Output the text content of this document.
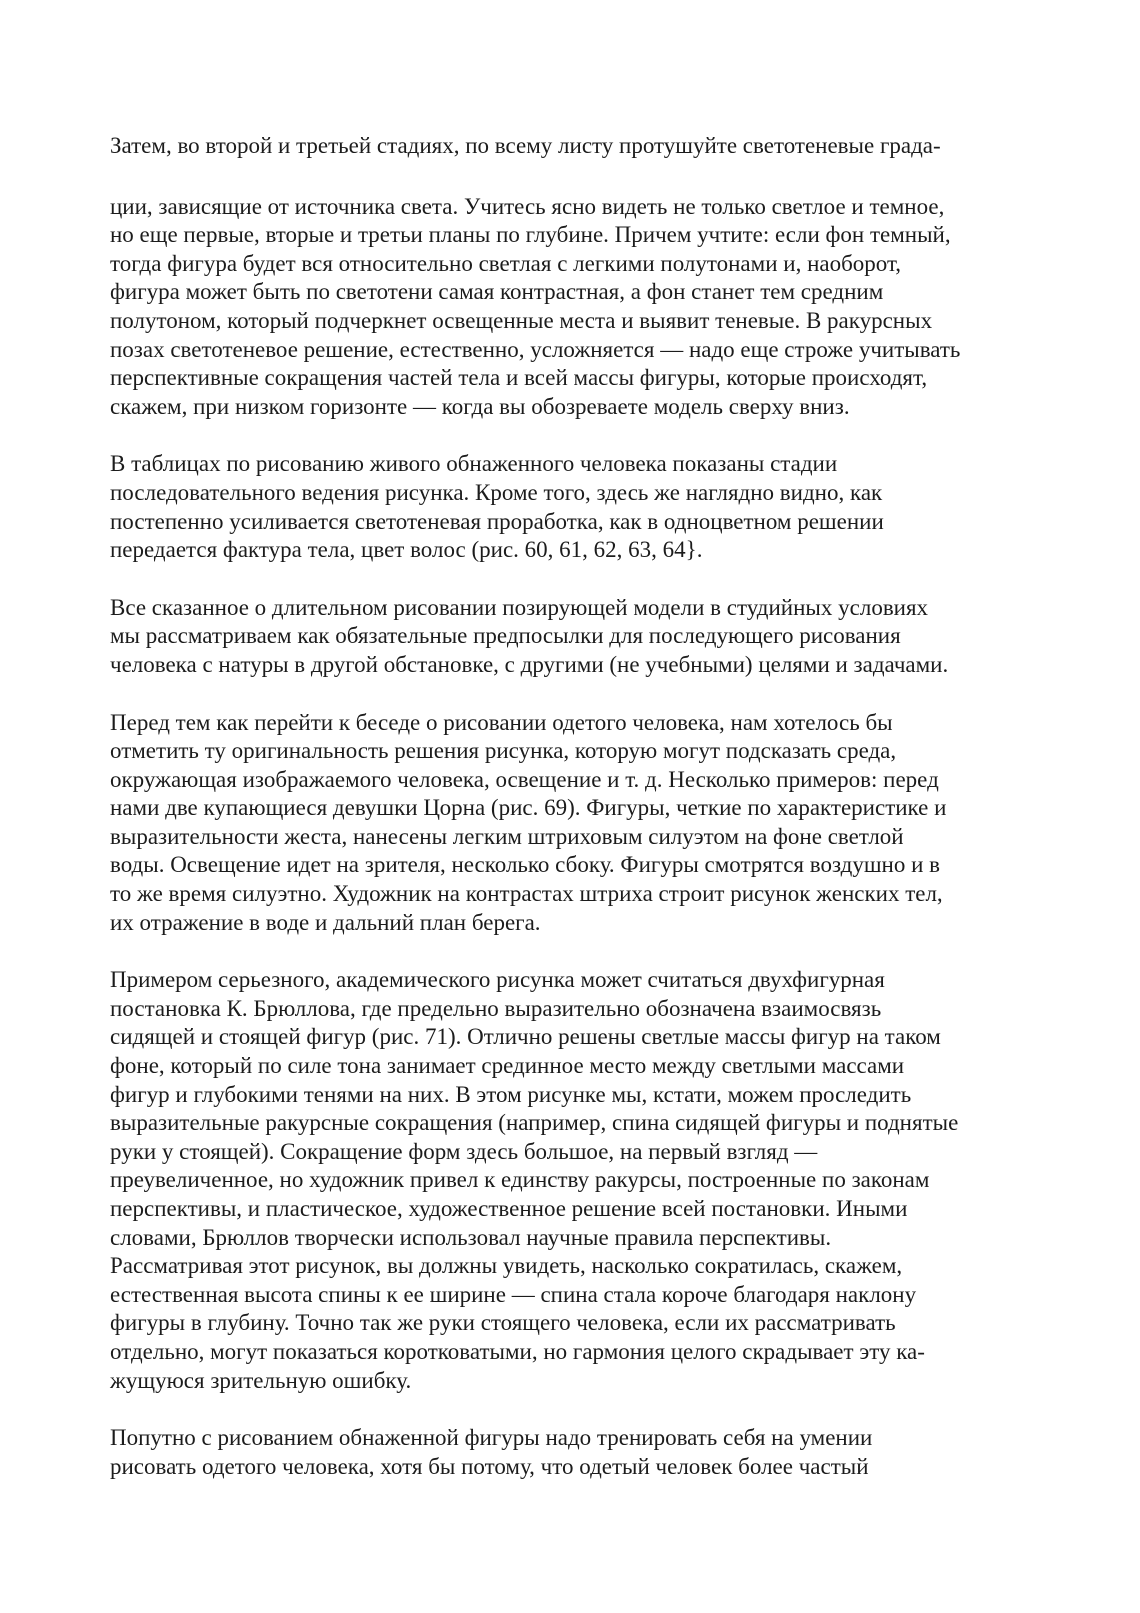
Затем, во второй и третьей стадиях, по всему листу протушуйте светотеневые града-

ции, зависящие от источника света. Учитесь ясно видеть не только светлое и темное,
но еще первые, вторые и третьи планы по глубине. Причем учтите: если фон темный,
тогда фигура будет вся относительно светлая с легкими полутонами и, наоборот,
фигура может быть по светотени самая контрастная, а фон станет тем средним
полутоном, который подчеркнет освещенные места и выявит теневые. В ракурсных
позах светотеневое решение, естественно, усложняется — надо еще строже учитывать
перспективные сокращения частей тела и всей массы фигуры, которые происходят,
скажем, при низком горизонте — когда вы обозреваете модель сверху вниз.

В таблицах по рисованию живого обнаженного человека показаны стадии
последовательного ведения рисунка. Кроме того, здесь же наглядно видно, как
постепенно усиливается светотеневая проработка, как в одноцветном решении
передается фактура тела, цвет волос (рис. 60, 61, 62, 63, 64}.

Все сказанное о длительном рисовании позирующей модели в студийных условиях
мы рассматриваем как обязательные предпосылки для последующего рисования
человека с натуры в другой обстановке, с другими (не учебными) целями и задачами.

Перед тем как перейти к беседе о рисовании одетого человека, нам хотелось бы
отметить ту оригинальность решения рисунка, которую могут подсказать среда,
окружающая изображаемого человека, освещение и т. д. Несколько примеров: перед
нами две купающиеся девушки Цорна (рис. 69). Фигуры, четкие по характеристике и
выразительности жеста, нанесены легким штриховым силуэтом на фоне светлой
воды. Освещение идет на зрителя, несколько сбоку. Фигуры смотрятся воздушно и в
то же время силуэтно. Художник на контрастах штриха строит рисунок женских тел,
их отражение в воде и дальний план берега.

Примером серьезного, академического рисунка может считаться двухфигурная
постановка К. Брюллова, где предельно выразительно обозначена взаимосвязь
сидящей и стоящей фигур (рис. 71). Отлично решены светлые массы фигур на таком
фоне, который по силе тона занимает срединное место между светлыми массами
фигур и глубокими тенями на них. В этом рисунке мы, кстати, можем проследить
выразительные ракурсные сокращения (например, спина сидящей фигуры и поднятые
руки у стоящей). Сокращение форм здесь большое, на первый взгляд —
преувеличенное, но художник привел к единству ракурсы, построенные по законам
перспективы, и пластическое, художественное решение всей постановки. Иными
словами, Брюллов творчески использовал научные правила перспективы.
Рассматривая этот рисунок, вы должны увидеть, насколько сократилась, скажем,
естественная высота спины к ее ширине — спина стала короче благодаря наклону
фигуры в глубину. Точно так же руки стоящего человека, если их рассматривать
отдельно, могут показаться коротковатыми, но гармония целого скрадывает эту ка-
жущуюся зрительную ошибку.

Попутно с рисованием обнаженной фигуры надо тренировать себя на умении
рисовать одетого человека, хотя бы потому, что одетый человек более частый
